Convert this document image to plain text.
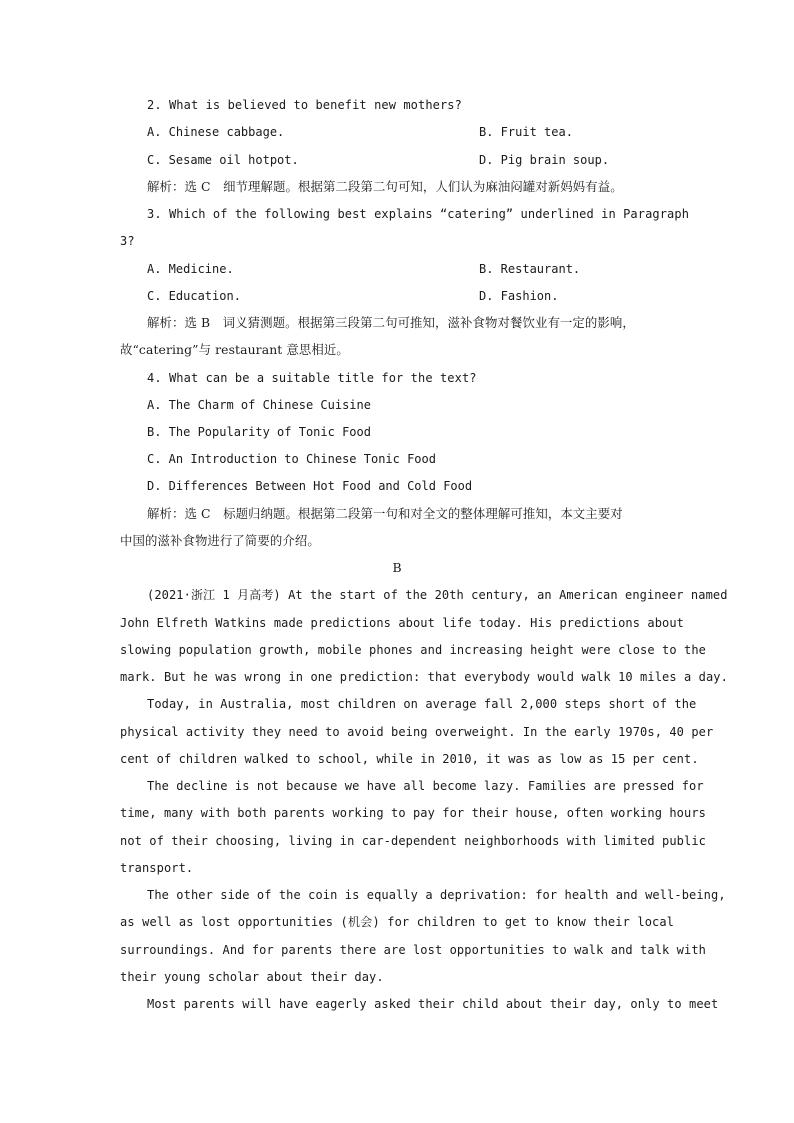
2. What is believed to benefit new mothers?
A. Chinese cabbage.	B. Fruit tea.
C. Sesame oil hotpot.	D. Pig brain soup.
解析：选 C　细节理解题。根据第二段第二句可知，人们认为麻油闷罐对新妈妈有益。
3. Which of the following best explains “catering” underlined in Paragraph
3?
A. Medicine.	B. Restaurant.
C. Education.	D. Fashion.
解析：选 B　词义猜测题。根据第三段第二句可推知，滋补食物对餐饮业有一定的影响，
故“catering”与 restaurant 意思相近。
4. What can be a suitable title for the text?
A. The Charm of Chinese Cuisine
B. The Popularity of Tonic Food
C. An Introduction to Chinese Tonic Food
D. Differences Between Hot Food and Cold Food
解析：选 C　标题归纳题。根据第二段第一句和对全文的整体理解可推知，本文主要对
中国的滋补食物进行了简要的介绍。
B
(2021·浙江 1 月高考) At the start of the 20th century, an American engineer named
John Elfreth Watkins made predictions about life today. His predictions about
slowing population growth, mobile phones and increasing height were close to the
mark. But he was wrong in one prediction: that everybody would walk 10 miles a day.
Today, in Australia, most children on average fall 2,000 steps short of the
physical activity they need to avoid being overweight. In the early 1970s, 40 per
cent of children walked to school, while in 2010, it was as low as 15 per cent.
The decline is not because we have all become lazy. Families are pressed for
time, many with both parents working to pay for their house, often working hours
not of their choosing, living in car-dependent neighborhoods with limited public
transport.
The other side of the coin is equally a deprivation: for health and well-being,
as well as lost opportunities (机会) for children to get to know their local
surroundings. And for parents there are lost opportunities to walk and talk with
their young scholar about their day.
Most parents will have eagerly asked their child about their day, only to meet
